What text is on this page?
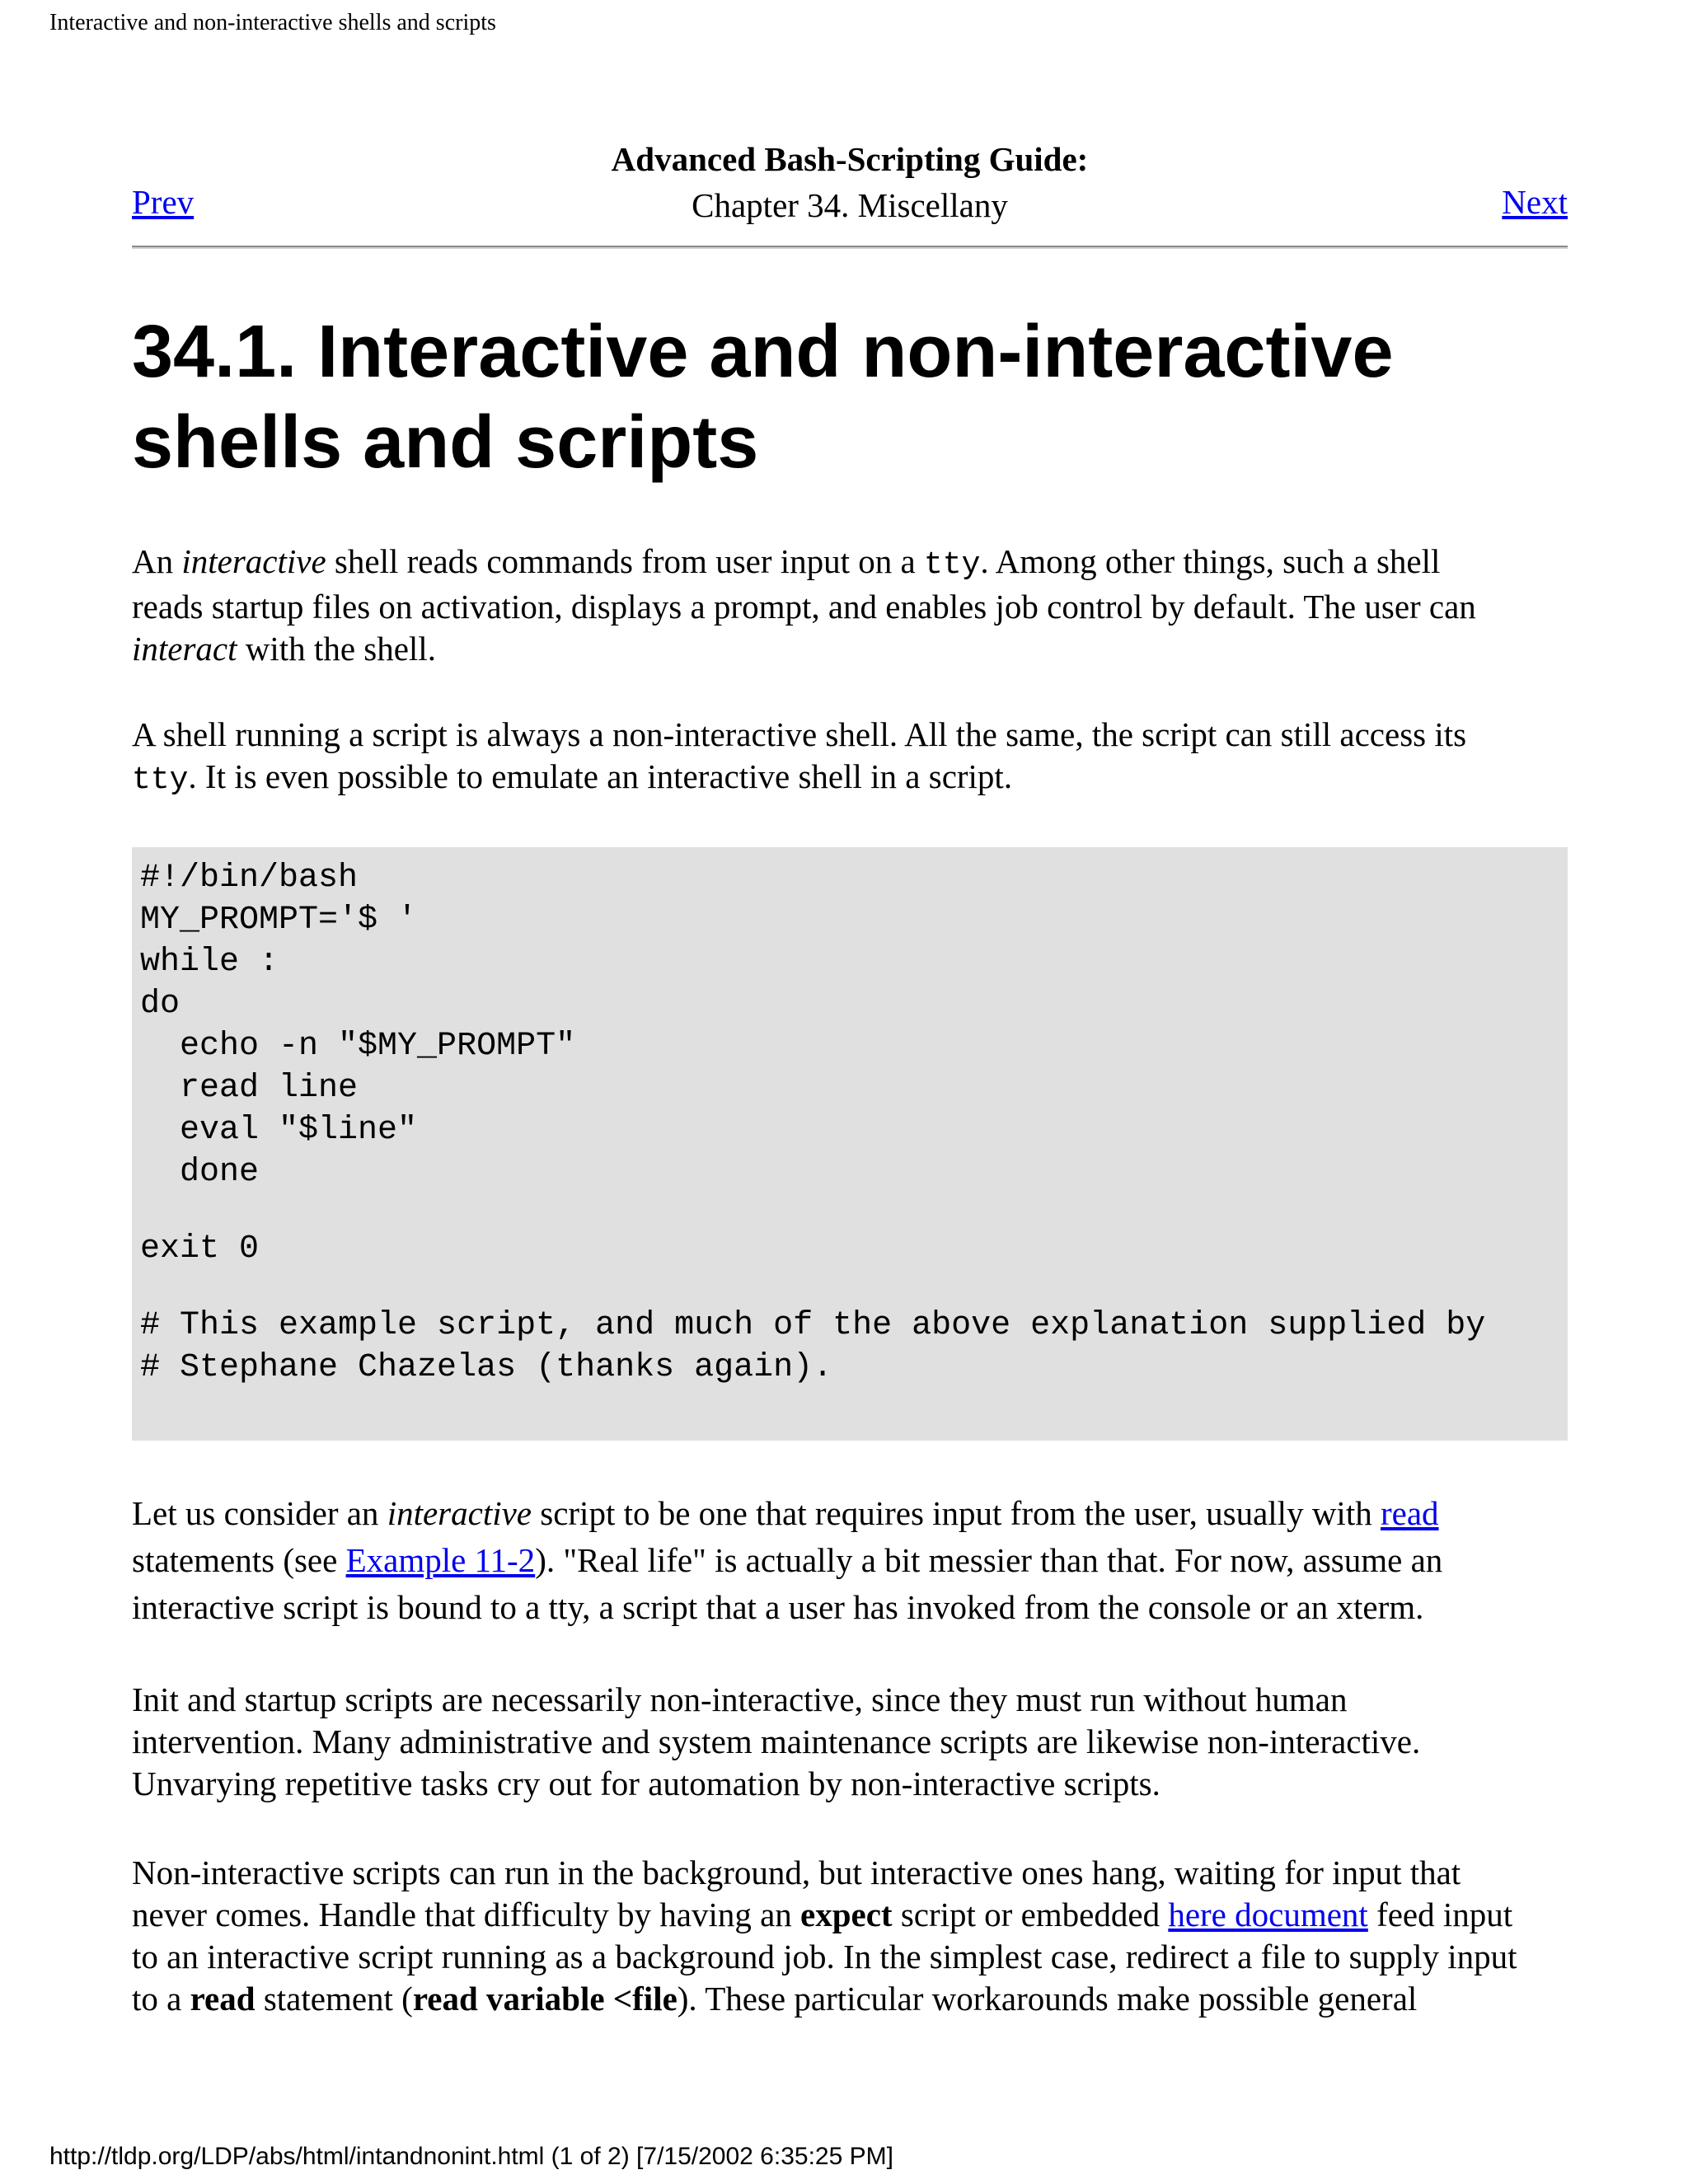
Interactive and non-interactive shells and scripts
Advanced Bash-Scripting Guide:
Chapter 34. Miscellany
Prev	Next
34.1. Interactive and non-interactive
shells and scripts

An interactive shell reads commands from user input on a tty. Among other things, such a shell
reads startup files on activation, displays a prompt, and enables job control by default. The user can
interact with the shell.

A shell running a script is always a non-interactive shell. All the same, the script can still access its
tty. It is even possible to emulate an interactive shell in a script.

#!/bin/bash
MY_PROMPT='$ '
while :
do
echo -n "$MY_PROMPT"
read line
eval "$line"
done
exit 0
# This example script, and much of the above explanation supplied by
# Stephane Chazelas (thanks again).

Let us consider an interactive script to be one that requires input from the user, usually with read
statements (see Example 11-2). "Real life" is actually a bit messier than that. For now, assume an
interactive script is bound to a tty, a script that a user has invoked from the console or an xterm.

Init and startup scripts are necessarily non-interactive, since they must run without human
intervention. Many administrative and system maintenance scripts are likewise non-interactive.
Unvarying repetitive tasks cry out for automation by non-interactive scripts.

Non-interactive scripts can run in the background, but interactive ones hang, waiting for input that
never comes. Handle that difficulty by having an expect script or embedded here document feed input
to an interactive script running as a background job. In the simplest case, redirect a file to supply input
to a read statement (read variable <file). These particular workarounds make possible general

http://tldp.org/LDP/abs/html/intandnonint.html (1 of 2) [7/15/2002 6:35:25 PM]
